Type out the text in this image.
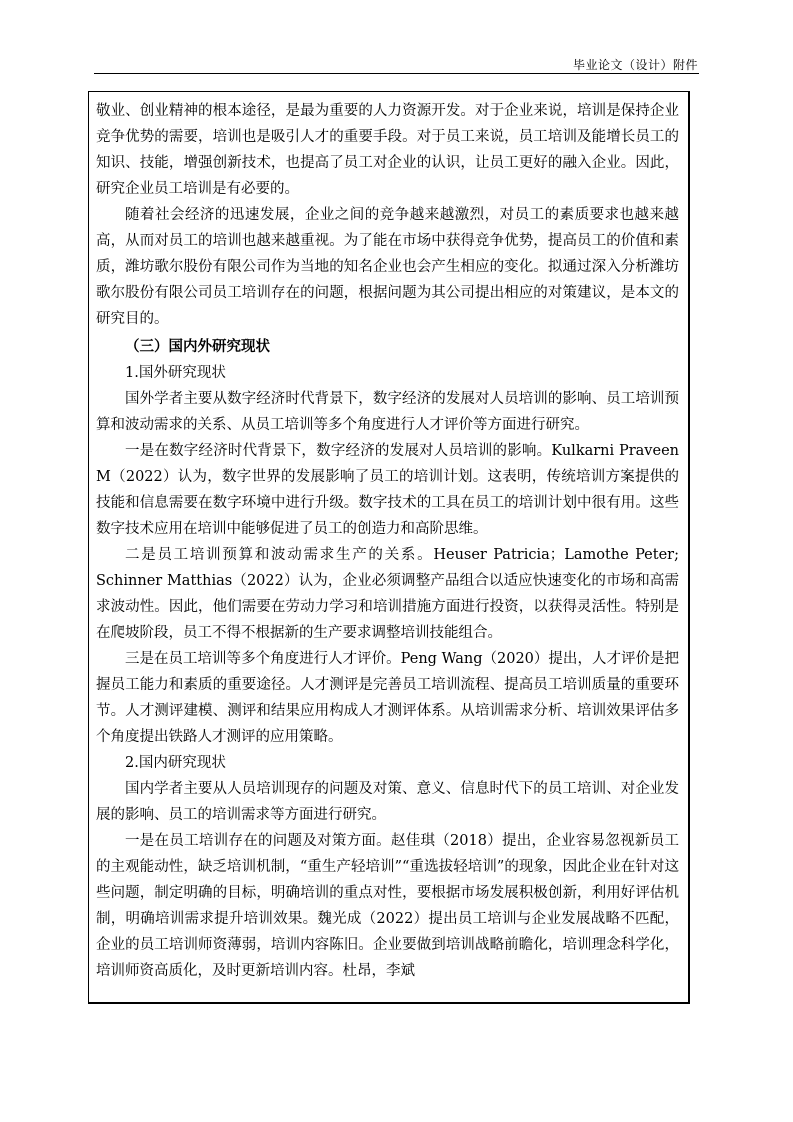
毕业论文（设计）附件

敬业、创业精神的根本途径，是最为重要的人力资源开发。对于企业来说，培训是保持企业竞争优势的需要，培训也是吸引人才的重要手段。对于员工来说，员工培训及能增长员工的知识、技能，增强创新技术，也提高了员工对企业的认识，让员工更好的融入企业。因此，研究企业员工培训是有必要的。

随着社会经济的迅速发展，企业之间的竞争越来越激烈，对员工的素质要求也越来越高，从而对员工的培训也越来越重视。为了能在市场中获得竞争优势，提高员工的价值和素质，潍坊歌尔股份有限公司作为当地的知名企业也会产生相应的变化。拟通过深入分析潍坊歌尔股份有限公司员工培训存在的问题，根据问题为其公司提出相应的对策建议，是本文的研究目的。

（三）国内外研究现状

1.国外研究现状

国外学者主要从数字经济时代背景下，数字经济的发展对人员培训的影响、员工培训预算和波动需求的关系、从员工培训等多个角度进行人才评价等方面进行研究。

一是在数字经济时代背景下，数字经济的发展对人员培训的影响。Kulkarni Praveen M（2022）认为，数字世界的发展影响了员工的培训计划。这表明，传统培训方案提供的技能和信息需要在数字环境中进行升级。数字技术的工具在员工的培训计划中很有用。这些数字技术应用在培训中能够促进了员工的创造力和高阶思维。

二是员工培训预算和波动需求生产的关系。Heuser Patricia；Lamothe Peter; Schinner Matthias（2022）认为，企业必须调整产品组合以适应快速变化的市场和高需求波动性。因此，他们需要在劳动力学习和培训措施方面进行投资，以获得灵活性。特别是在爬坡阶段，员工不得不根据新的生产要求调整培训技能组合。

三是在员工培训等多个角度进行人才评价。Peng Wang（2020）提出，人才评价是把握员工能力和素质的重要途径。人才测评是完善员工培训流程、提高员工培训质量的重要环节。人才测评建模、测评和结果应用构成人才测评体系。从培训需求分析、培训效果评估多个角度提出铁路人才测评的应用策略。

2.国内研究现状

国内学者主要从人员培训现存的问题及对策、意义、信息时代下的员工培训、对企业发展的影响、员工的培训需求等方面进行研究。

一是在员工培训存在的问题及对策方面。赵佳琪（2018）提出，企业容易忽视新员工的主观能动性，缺乏培训机制，“重生产轻培训”“重选拔轻培训”的现象，因此企业在针对这些问题，制定明确的目标，明确培训的重点对性，要根据市场发展积极创新，利用好评估机制，明确培训需求提升培训效果。魏光成（2022）提出员工培训与企业发展战略不匹配，企业的员工培训师资薄弱，培训内容陈旧。企业要做到培训战略前瞻化，培训理念科学化，培训师资高质化，及时更新培训内容。杜昂，李斌
